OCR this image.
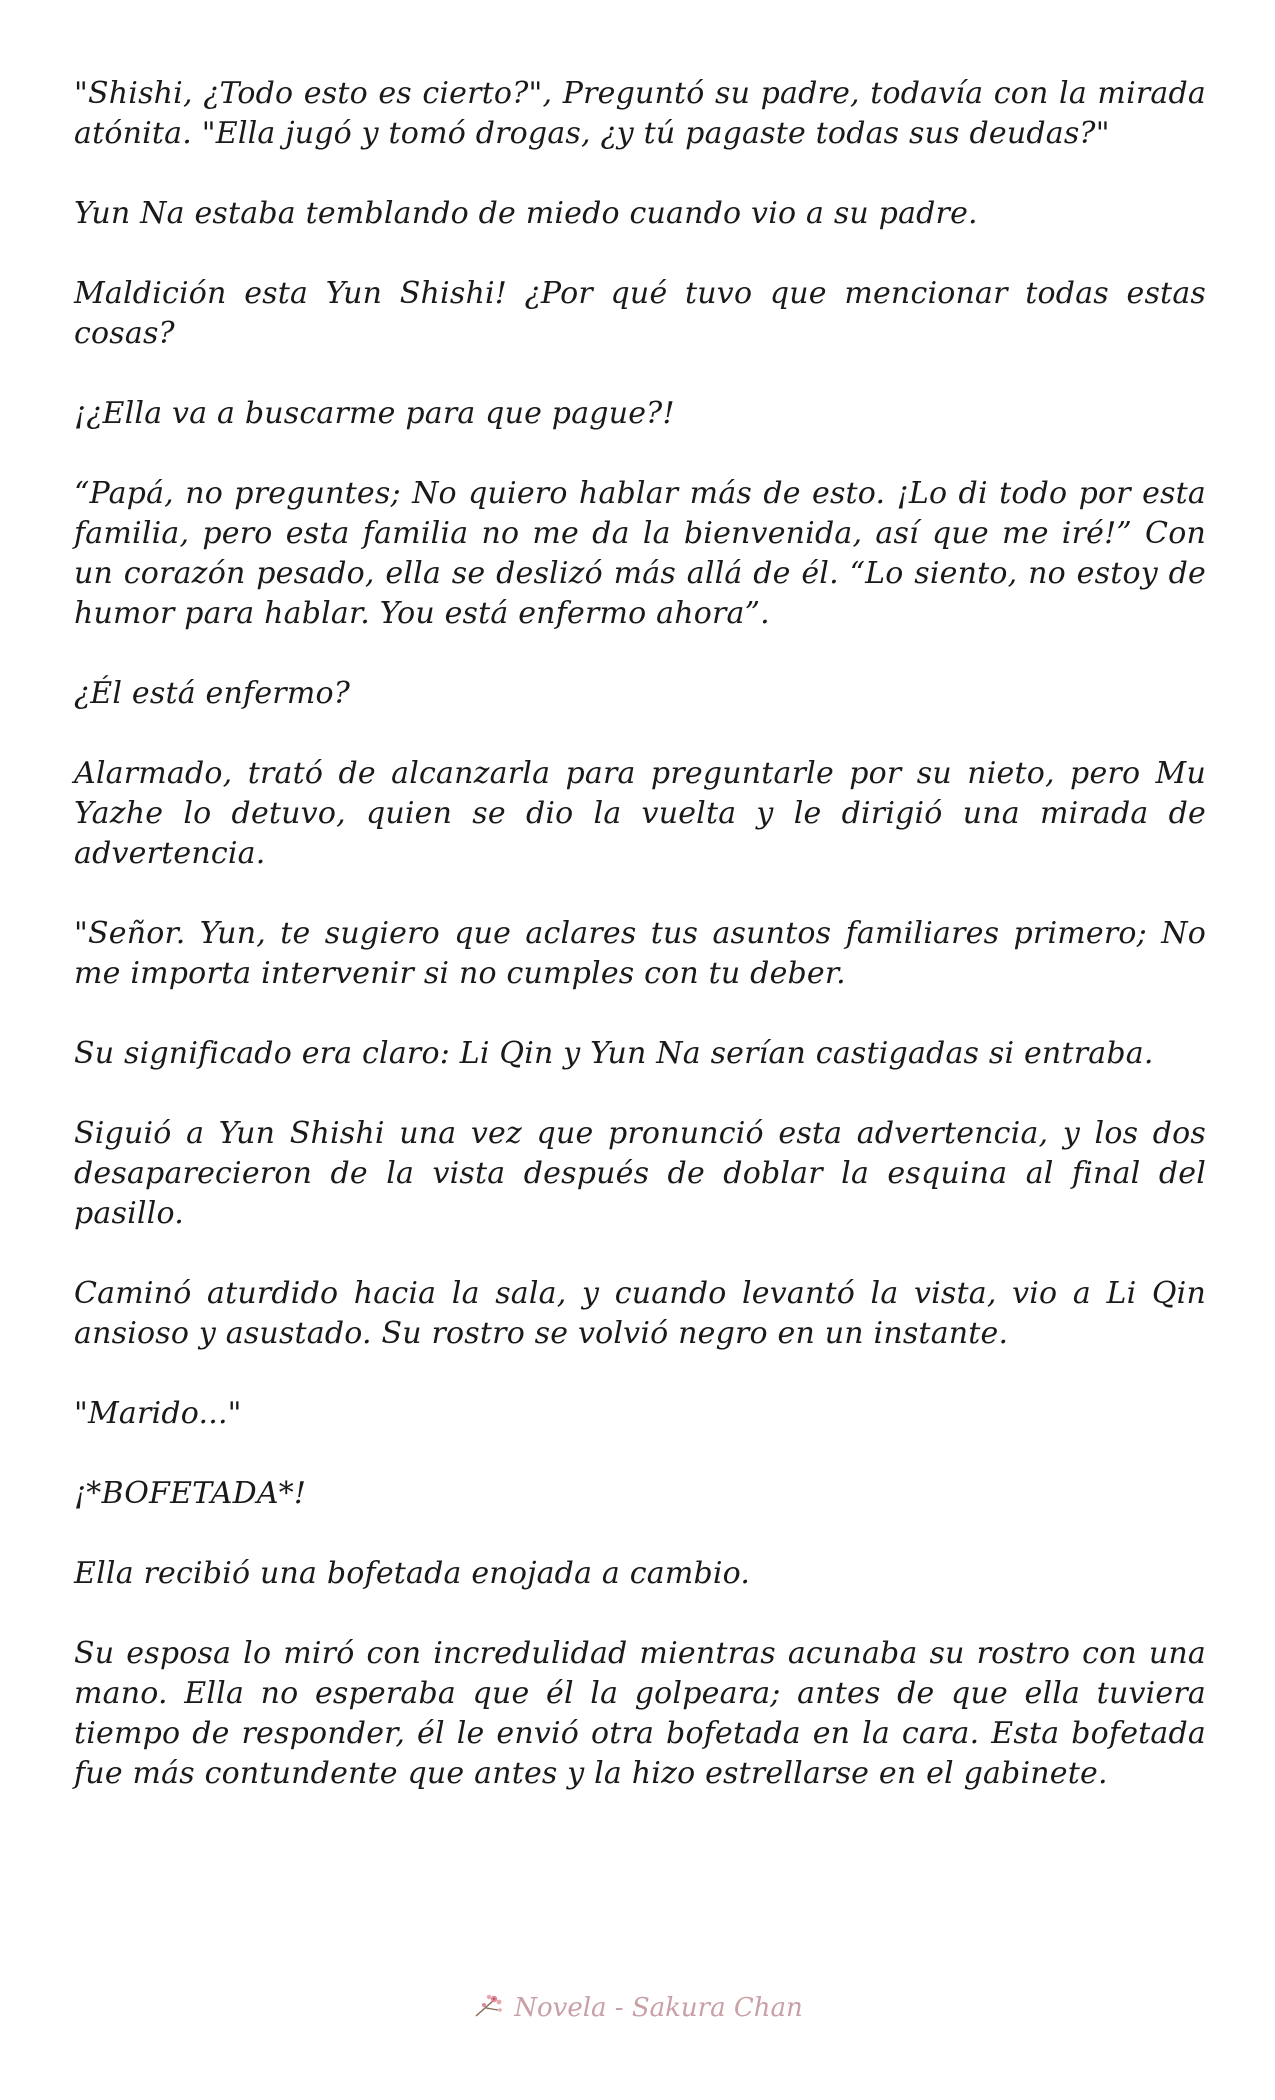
"Shishi, ¿Todo esto es cierto?", Preguntó su padre, todavía con la mirada atónita. "Ella jugó y tomó drogas, ¿y tú pagaste todas sus deudas?"

Yun Na estaba temblando de miedo cuando vio a su padre.

Maldición esta Yun Shishi! ¿Por qué tuvo que mencionar todas estas cosas?

¡¿Ella va a buscarme para que pague?!

“Papá, no preguntes; No quiero hablar más de esto. ¡Lo di todo por esta familia, pero esta familia no me da la bienvenida, así que me iré!” Con un corazón pesado, ella se deslizó más allá de él. “Lo siento, no estoy de humor para hablar. You está enfermo ahora”.

¿Él está enfermo?

Alarmado, trató de alcanzarla para preguntarle por su nieto, pero Mu Yazhe lo detuvo, quien se dio la vuelta y le dirigió una mirada de advertencia.

"Señor. Yun, te sugiero que aclares tus asuntos familiares primero; No me importa intervenir si no cumples con tu deber.

Su significado era claro: Li Qin y Yun Na serían castigadas si entraba.

Siguió a Yun Shishi una vez que pronunció esta advertencia, y los dos desaparecieron de la vista después de doblar la esquina al final del pasillo.

Caminó aturdido hacia la sala, y cuando levantó la vista, vio a Li Qin ansioso y asustado. Su rostro se volvió negro en un instante.

"Marido..."

¡*BOFETADA*!

Ella recibió una bofetada enojada a cambio.

Su esposa lo miró con incredulidad mientras acunaba su rostro con una mano. Ella no esperaba que él la golpeara; antes de que ella tuviera tiempo de responder, él le envió otra bofetada en la cara. Esta bofetada fue más contundente que antes y la hizo estrellarse en el gabinete.

Novela - Sakura Chan
